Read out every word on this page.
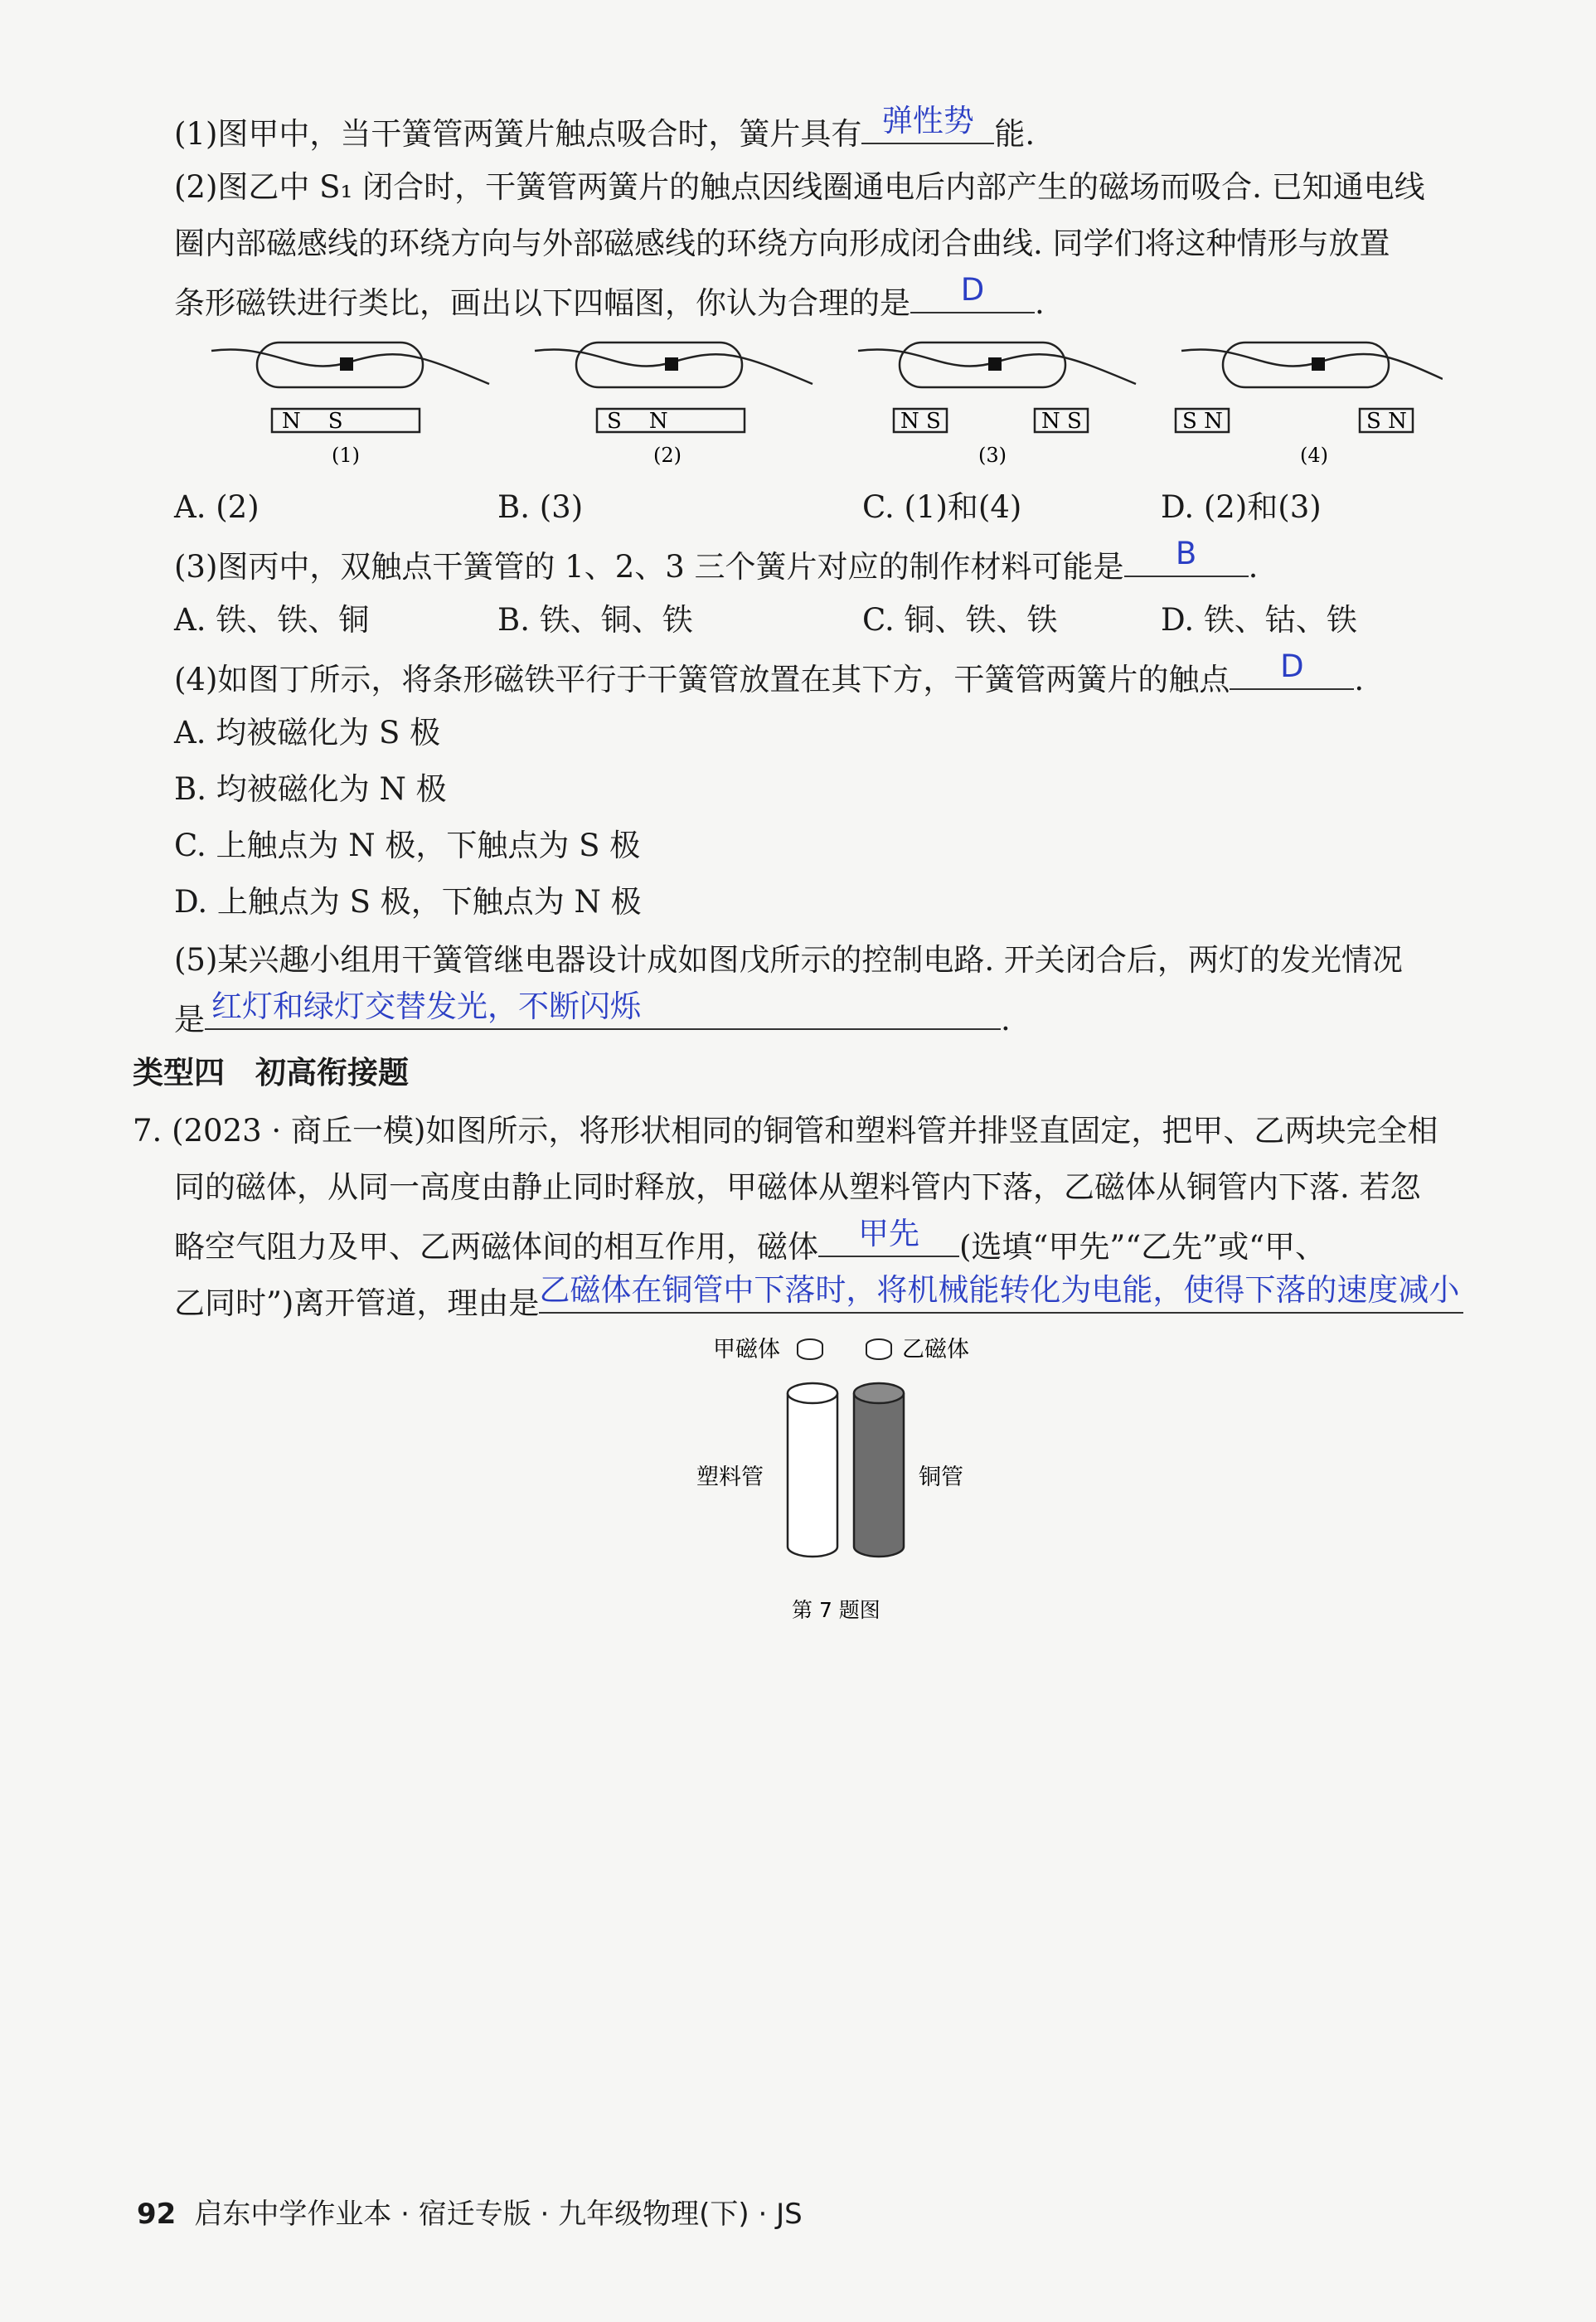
(1)图甲中，当干簧管两簧片触点吸合时，簧片具有 弹性势 能.
(2)图乙中 S₁ 闭合时，干簧管两簧片的触点因线圈通电后内部产生的磁场而吸合. 已知通电线
圈内部磁感线的环绕方向与外部磁感线的环绕方向形成闭合曲线. 同学们将这种情形与放置
条形磁铁进行类比，画出以下四幅图，你认为合理的是	D	.
N    S
(1)
S    N
(2)
N S	N S
(3)
S N	S N
(4)
A. (2)	B. (3)	C. (1)和(4)	D. (2)和(3)
(3)图丙中，双触点干簧管的 1、2、3 三个簧片对应的制作材料可能是	B	.
A. 铁、铁、铜	B. 铁、铜、铁	C. 铜、铁、铁	D. 铁、钴、铁
(4)如图丁所示，将条形磁铁平行于干簧管放置在其下方，干簧管两簧片的触点	D	.
A. 均被磁化为 S 极
B. 均被磁化为 N 极
C. 上触点为 N 极，下触点为 S 极
D. 上触点为 S 极，下触点为 N 极
(5)某兴趣小组用干簧管继电器设计成如图戊所示的控制电路. 开关闭合后，两灯的发光情况
是 红灯和绿灯交替发光，不断闪烁	.
类型四　初高衔接题
7. (2023 · 商丘一模)如图所示，将形状相同的铜管和塑料管并排竖直固定，把甲、乙两块完全相
同的磁体，从同一高度由静止同时释放，甲磁体从塑料管内下落，乙磁体从铜管内下落. 若忽
略空气阻力及甲、乙两磁体间的相互作用，磁体	甲先	(选填“甲先”“乙先”或“甲、
乙同时”)离开管道，理由是 乙磁体在铜管中下落时，将机械能转化为电能，使得下落的速度减小
甲磁体	乙磁体
塑料管	铜管
第 7 题图
92 启东中学作业本 · 宿迁专版 · 九年级物理(下) · JS
